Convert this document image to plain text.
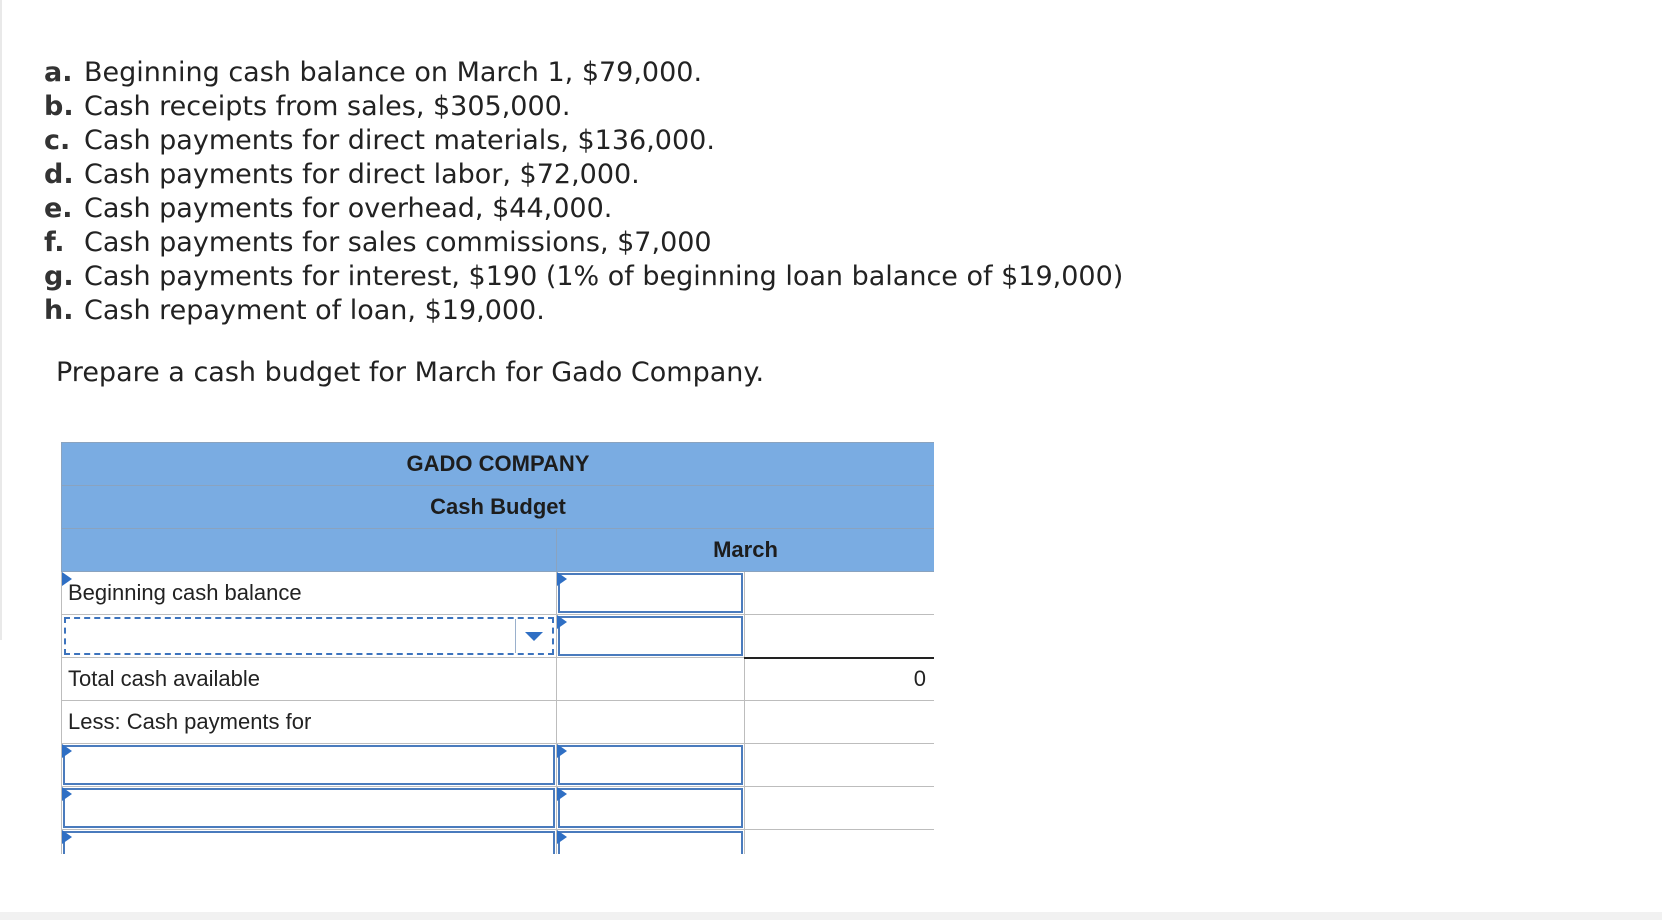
a. Beginning cash balance on March 1, $79,000.
b. Cash receipts from sales, $305,000.
c. Cash payments for direct materials, $136,000.
d. Cash payments for direct labor, $72,000.
e. Cash payments for overhead, $44,000.
f. Cash payments for sales commissions, $7,000
g. Cash payments for interest, $190 (1% of beginning loan balance of $19,000)
h. Cash repayment of loan, $19,000.
Prepare a cash budget for March for Gado Company.
GADO COMPANY		
Cash Budget		
	March	

Beginning cash balance	

Total cash available		0
Less: Cash payments for		
